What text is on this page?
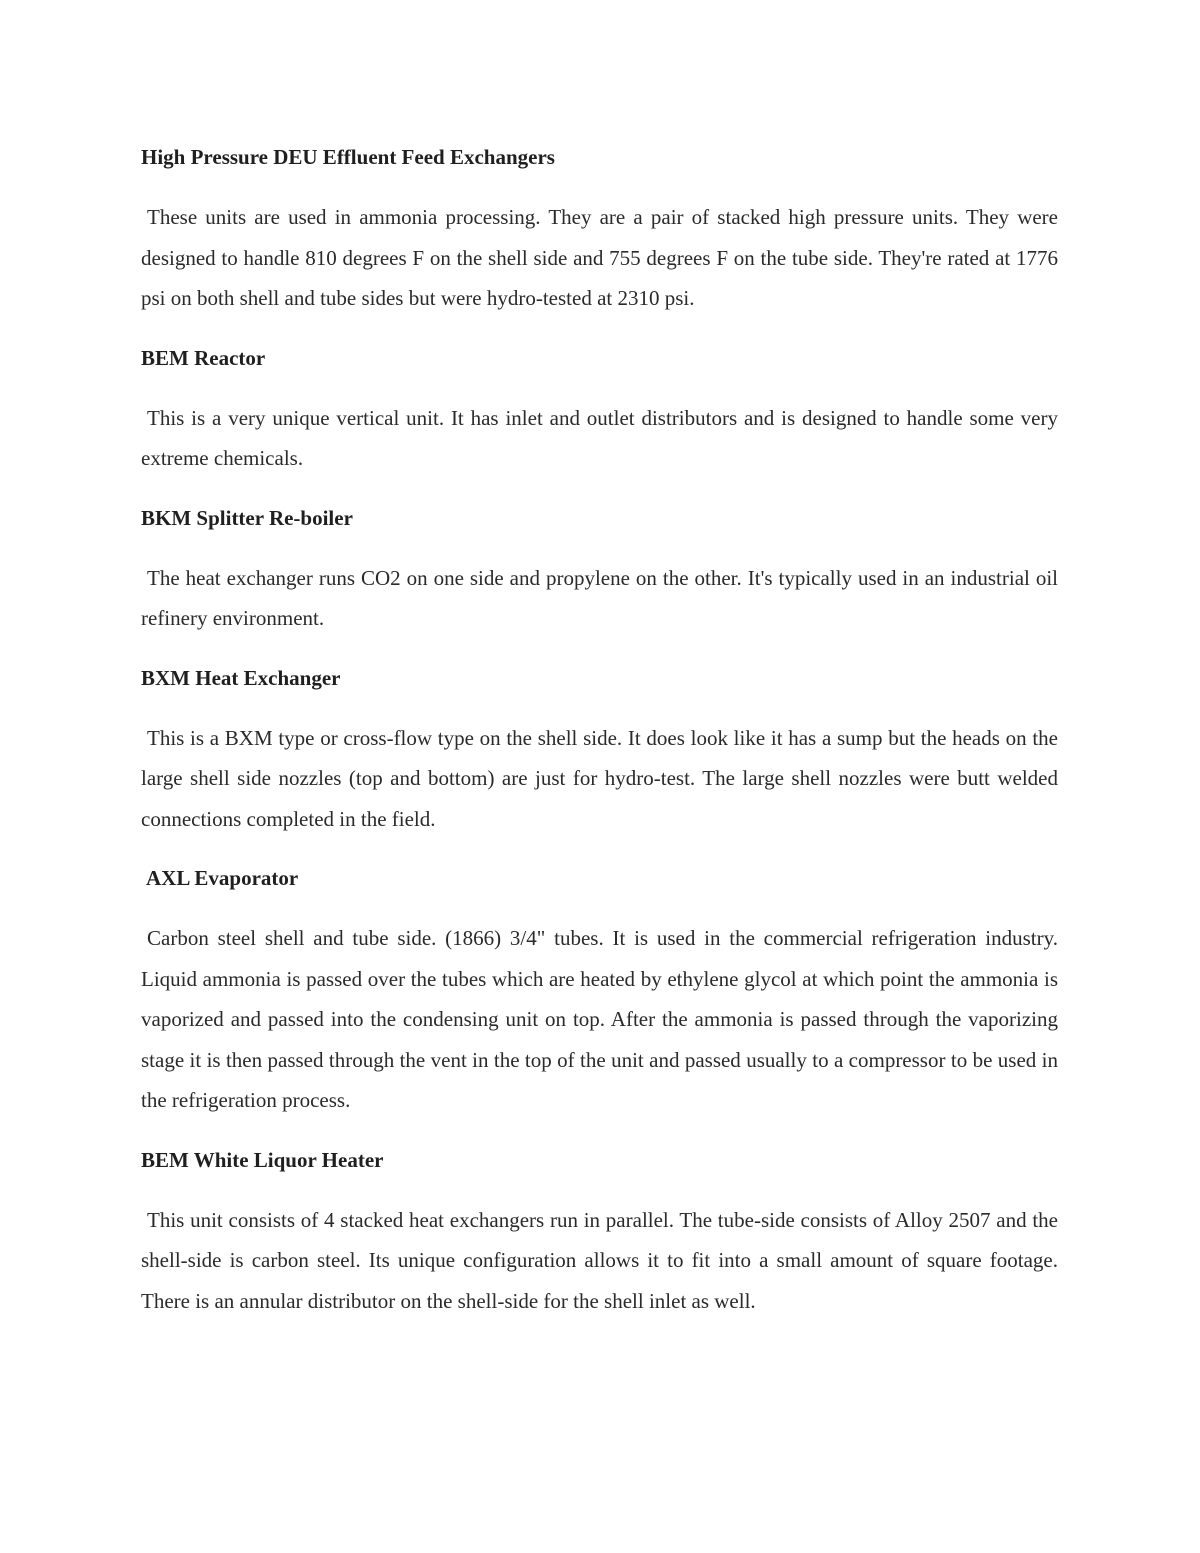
High Pressure DEU Effluent Feed Exchangers

These units are used in ammonia processing. They are a pair of stacked high pressure units. They were designed to handle 810 degrees F on the shell side and 755 degrees F on the tube side. They're rated at 1776 psi on both shell and tube sides but were hydro-tested at 2310 psi.

BEM Reactor

This is a very unique vertical unit. It has inlet and outlet distributors and is designed to handle some very extreme chemicals.

BKM Splitter Re-boiler

The heat exchanger runs CO2 on one side and propylene on the other. It's typically used in an industrial oil refinery environment.

BXM Heat Exchanger

This is a BXM type or cross-flow type on the shell side. It does look like it has a sump but the heads on the large shell side nozzles (top and bottom) are just for hydro-test. The large shell nozzles were butt welded connections completed in the field.

AXL Evaporator

Carbon steel shell and tube side. (1866) 3/4" tubes. It is used in the commercial refrigeration industry. Liquid ammonia is passed over the tubes which are heated by ethylene glycol at which point the ammonia is vaporized and passed into the condensing unit on top. After the ammonia is passed through the vaporizing stage it is then passed through the vent in the top of the unit and passed usually to a compressor to be used in the refrigeration process.

BEM White Liquor Heater

This unit consists of 4 stacked heat exchangers run in parallel. The tube-side consists of Alloy 2507 and the shell-side is carbon steel. Its unique configuration allows it to fit into a small amount of square footage. There is an annular distributor on the shell-side for the shell inlet as well.
